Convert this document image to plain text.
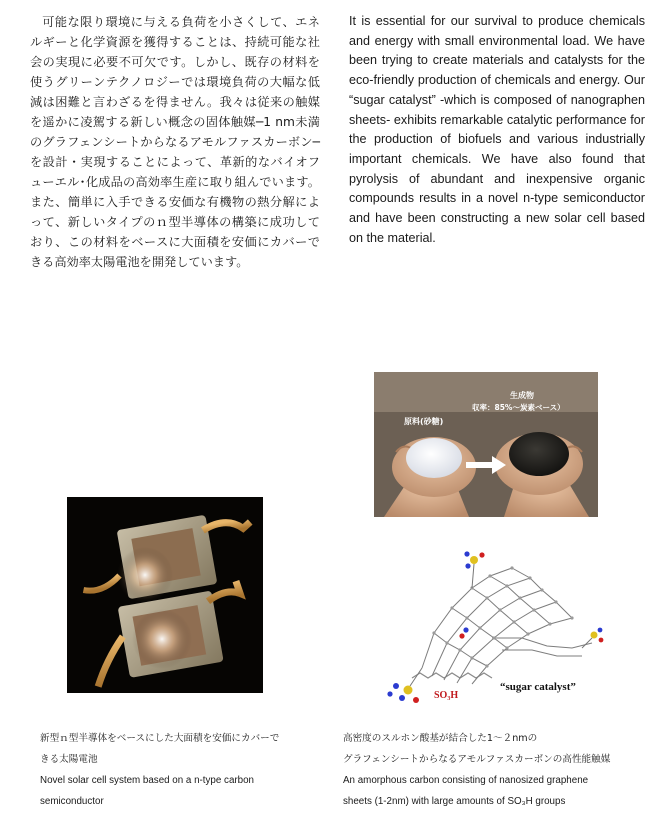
可能な限り環境に与える負荷を小さくして、エネルギーと化学資源を獲得することは、持続可能な社会の実現に必要不可欠です。しかし、既存の材料を使うグリーンテクノロジーでは環境負荷の大幅な低減は困難と言わざるを得ません。我々は従来の触媒を遥かに凌駕する新しい概念の固体触媒─1 nm未満のグラフェンシートからなるアモルファスカーボン─を設計・実現することによって、革新的なバイオフューエル･化成品の高効率生産に取り組んでいます。また、簡単に入手できる安価な有機物の熱分解によって、新しいタイプのｎ型半導体の構築に成功しており、この材料をベースに大面積を安価にカバーできる高効率太陽電池を開発しています。

It is essential for our survival to produce chemicals and energy with small environmental load. We have been trying to create materials and catalysts for the eco-friendly production of chemicals and energy. Our “sugar catalyst” -which is composed of nanographen sheets- exhibits remarkable catalytic performance for the production of biofuels and various industrially important chemicals. We have also found that pyrolysis of abundant and inexpensive organic compounds results in a novel n-type semiconductor and have been constructing a new solar cell based on the material.

原料(砂糖)
生成物
収率：85%〜炭素ベース）
SO₃H
“sugar catalyst”
新型ｎ型半導体をベースにした大面積を安価にカバーで
きる太陽電池
Novel solar cell system based on a n-type carbon
semiconductor
高密度のスルホン酸基が結合した1〜２nmの
グラフェンシートからなるアモルファスカーボンの高性能触媒
An amorphous carbon consisting of nanosized graphene
sheets (1-2nm) with large amounts of SO₃H groups
